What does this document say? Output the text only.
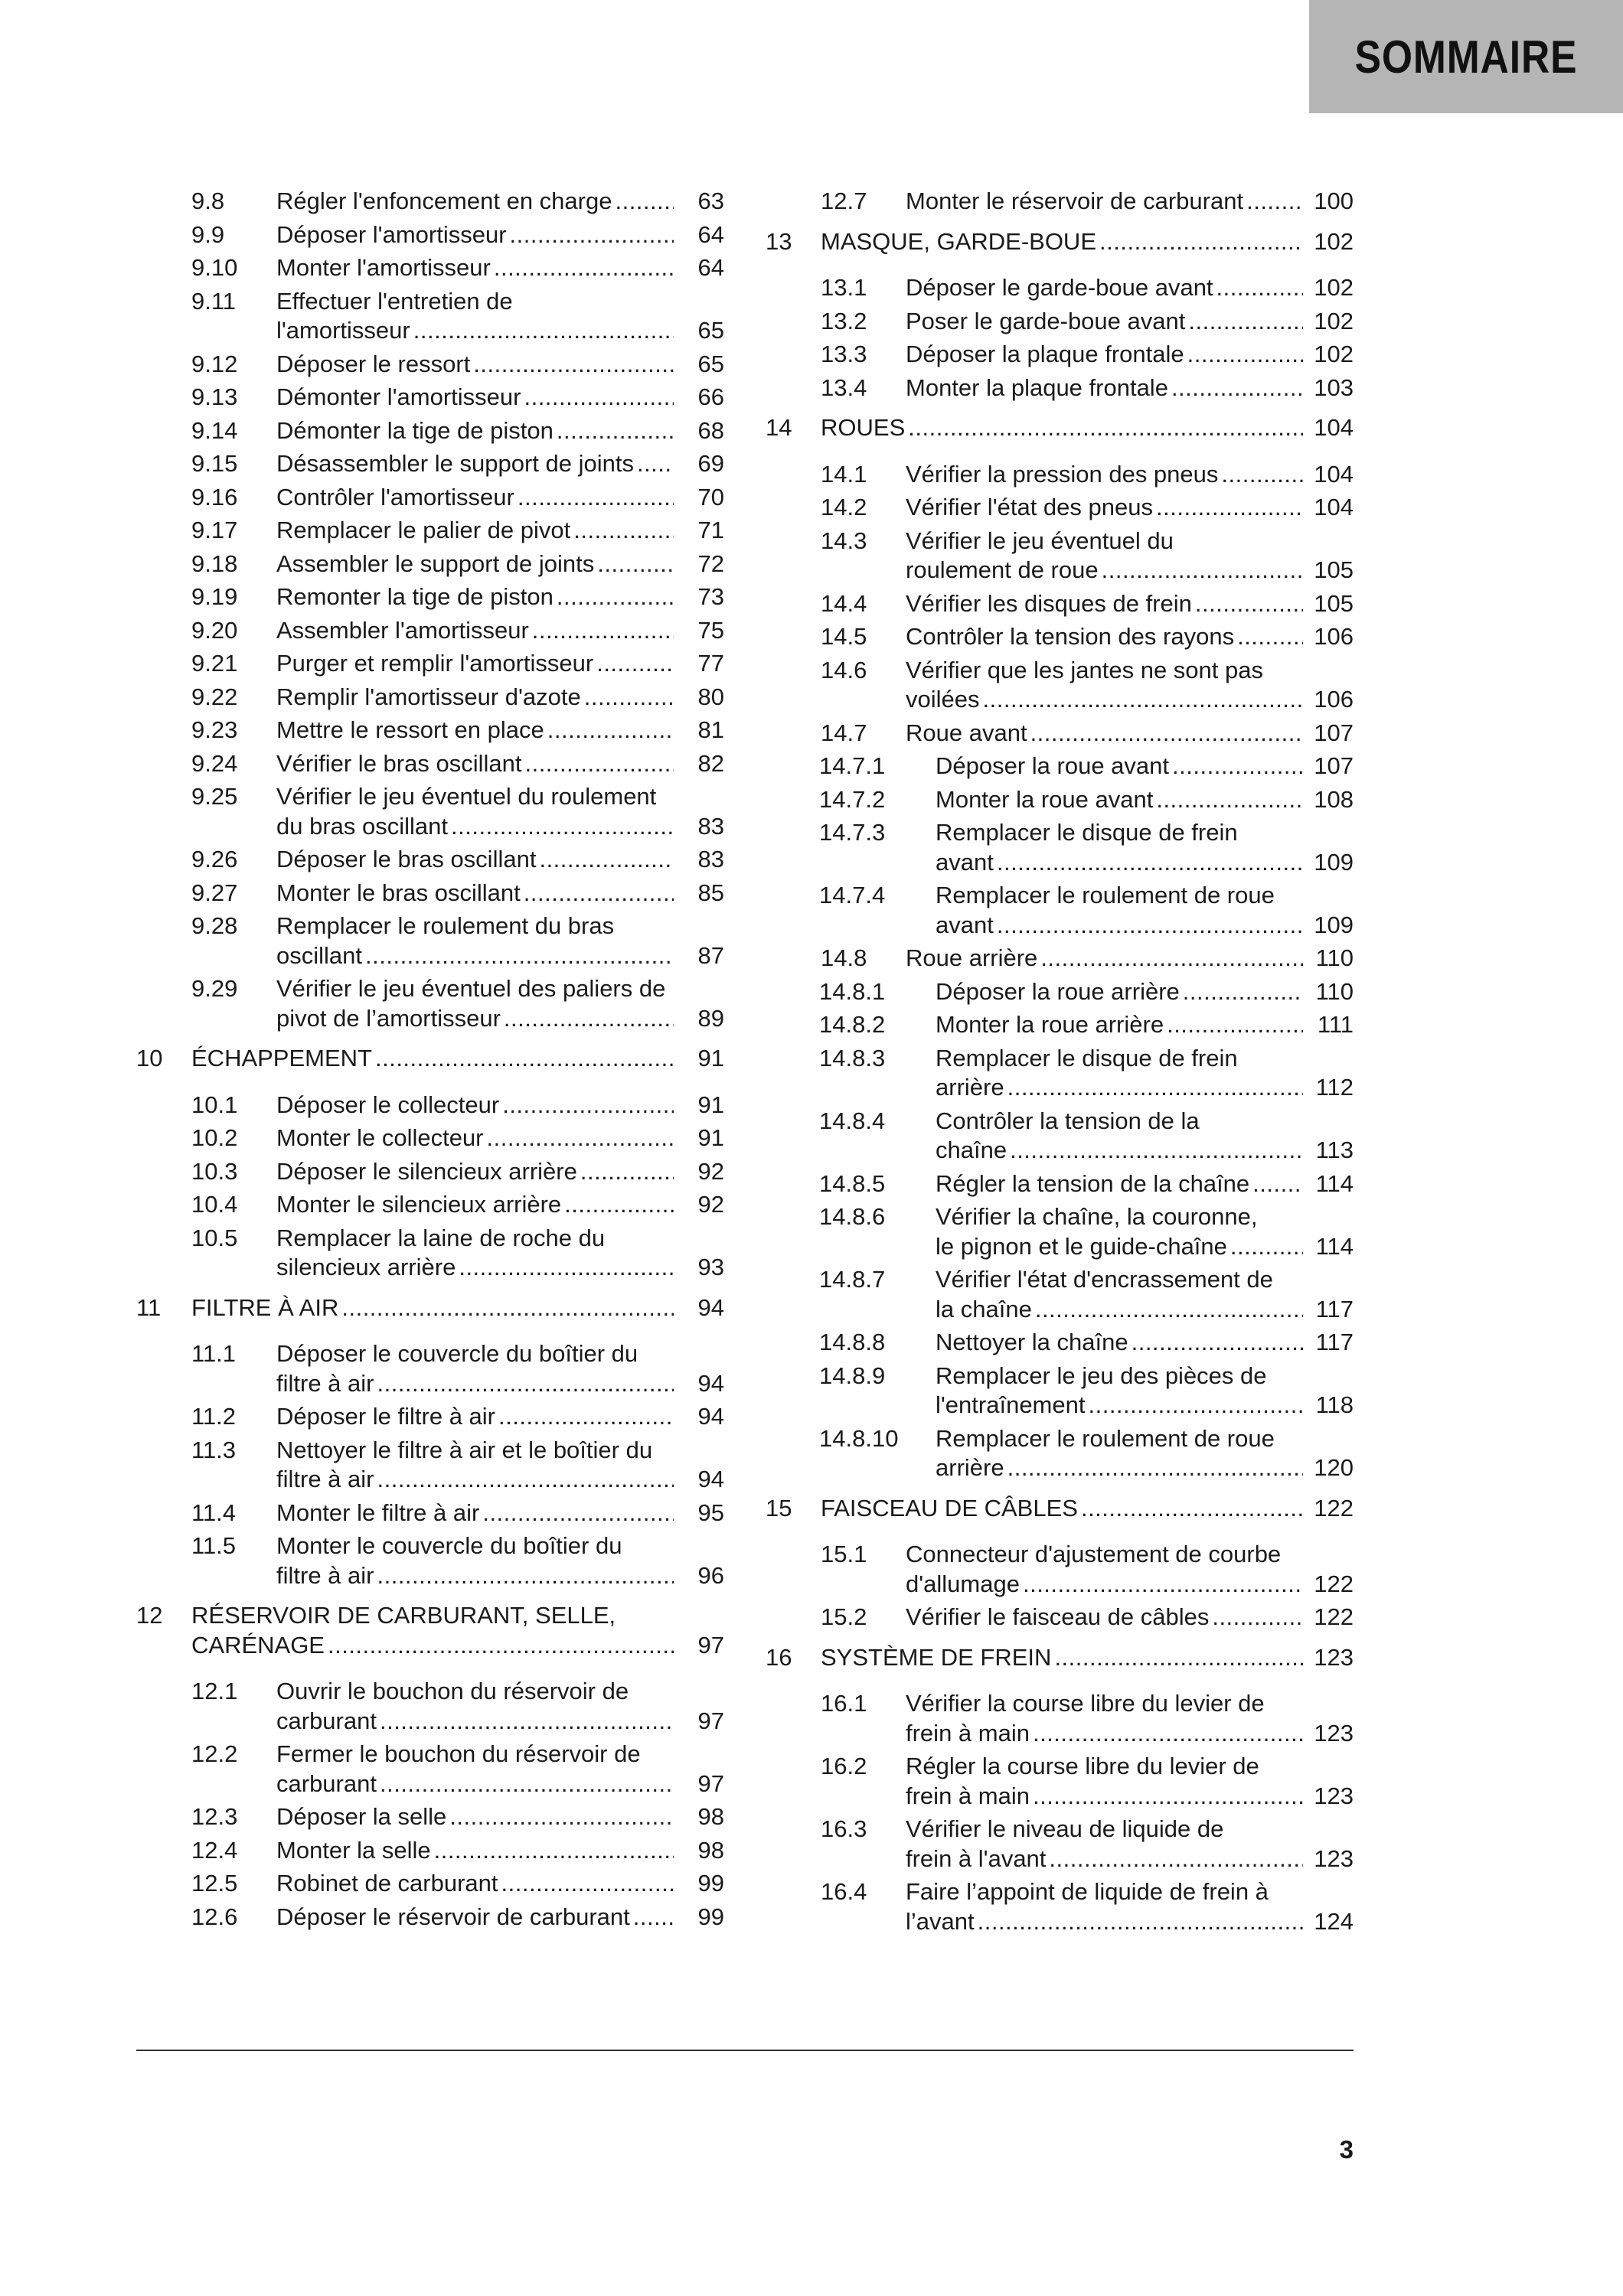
SOMMAIRE
9.8	Régler l'enfoncement en charge .....	63
9.9	Déposer l'amortisseur .....	64
9.10	Monter l'amortisseur .....	64
9.11	Effectuer l'entretien de
l'amortisseur .....	65
9.12	Déposer le ressort .....	65
9.13	Démonter l'amortisseur .....	66
9.14	Démonter la tige de piston .....	68
9.15	Désassembler le support de joints .....	69
9.16	Contrôler l'amortisseur .....	70
9.17	Remplacer le palier de pivot .....	71
9.18	Assembler le support de joints .....	72
9.19	Remonter la tige de piston .....	73
9.20	Assembler l'amortisseur .....	75
9.21	Purger et remplir l'amortisseur .....	77
9.22	Remplir l'amortisseur d'azote .....	80
9.23	Mettre le ressort en place .....	81
9.24	Vérifier le bras oscillant .....	82
9.25	Vérifier le jeu éventuel du roulement
du bras oscillant .....	83
9.26	Déposer le bras oscillant .....	83
9.27	Monter le bras oscillant .....	85
9.28	Remplacer le roulement du bras
oscillant .....	87
9.29	Vérifier le jeu éventuel des paliers de
pivot de l’amortisseur .....	89
10	ÉCHAPPEMENT .....	91
10.1	Déposer le collecteur .....	91
10.2	Monter le collecteur .....	91
10.3	Déposer le silencieux arrière .....	92
10.4	Monter le silencieux arrière .....	92
10.5	Remplacer la laine de roche du
silencieux arrière .....	93
11	FILTRE À AIR .....	94
11.1	Déposer le couvercle du boîtier du
filtre à air .....	94
11.2	Déposer le filtre à air .....	94
11.3	Nettoyer le filtre à air et le boîtier du
filtre à air .....	94
11.4	Monter le filtre à air .....	95
11.5	Monter le couvercle du boîtier du
filtre à air .....	96
12	RÉSERVOIR DE CARBURANT, SELLE,
CARÉNAGE .....	97
12.1	Ouvrir le bouchon du réservoir de
carburant .....	97
12.2	Fermer le bouchon du réservoir de
carburant .....	97
12.3	Déposer la selle .....	98
12.4	Monter la selle .....	98
12.5	Robinet de carburant .....	99
12.6	Déposer le réservoir de carburant .....	99
12.7	Monter le réservoir de carburant .....	100
13	MASQUE, GARDE-BOUE .....	102
13.1	Déposer le garde-boue avant .....	102
13.2	Poser le garde-boue avant .....	102
13.3	Déposer la plaque frontale .....	102
13.4	Monter la plaque frontale .....	103
14	ROUES .....	104
14.1	Vérifier la pression des pneus .....	104
14.2	Vérifier l'état des pneus .....	104
14.3	Vérifier le jeu éventuel du
roulement de roue .....	105
14.4	Vérifier les disques de frein .....	105
14.5	Contrôler la tension des rayons .....	106
14.6	Vérifier que les jantes ne sont pas
voilées .....	106
14.7	Roue avant .....	107
14.7.1	Déposer la roue avant .....	107
14.7.2	Monter la roue avant .....	108
14.7.3	Remplacer le disque de frein
avant .....	109
14.7.4	Remplacer le roulement de roue
avant .....	109
14.8	Roue arrière .....	110
14.8.1	Déposer la roue arrière .....	110
14.8.2	Monter la roue arrière .....	111
14.8.3	Remplacer le disque de frein
arrière .....	112
14.8.4	Contrôler la tension de la
chaîne .....	113
14.8.5	Régler la tension de la chaîne .....	114
14.8.6	Vérifier la chaîne, la couronne,
le pignon et le guide-chaîne .....	114
14.8.7	Vérifier l'état d'encrassement de
la chaîne .....	117
14.8.8	Nettoyer la chaîne .....	117
14.8.9	Remplacer le jeu des pièces de
l'entraînement .....	118
14.8.10	Remplacer le roulement de roue
arrière .....	120
15	FAISCEAU DE CÂBLES .....	122
15.1	Connecteur d'ajustement de courbe
d'allumage .....	122
15.2	Vérifier le faisceau de câbles .....	122
16	SYSTÈME DE FREIN .....	123
16.1	Vérifier la course libre du levier de
frein à main .....	123
16.2	Régler la course libre du levier de
frein à main .....	123
16.3	Vérifier le niveau de liquide de
frein à l'avant .....	123
16.4	Faire l’appoint de liquide de frein à
l’avant .....	124
3
